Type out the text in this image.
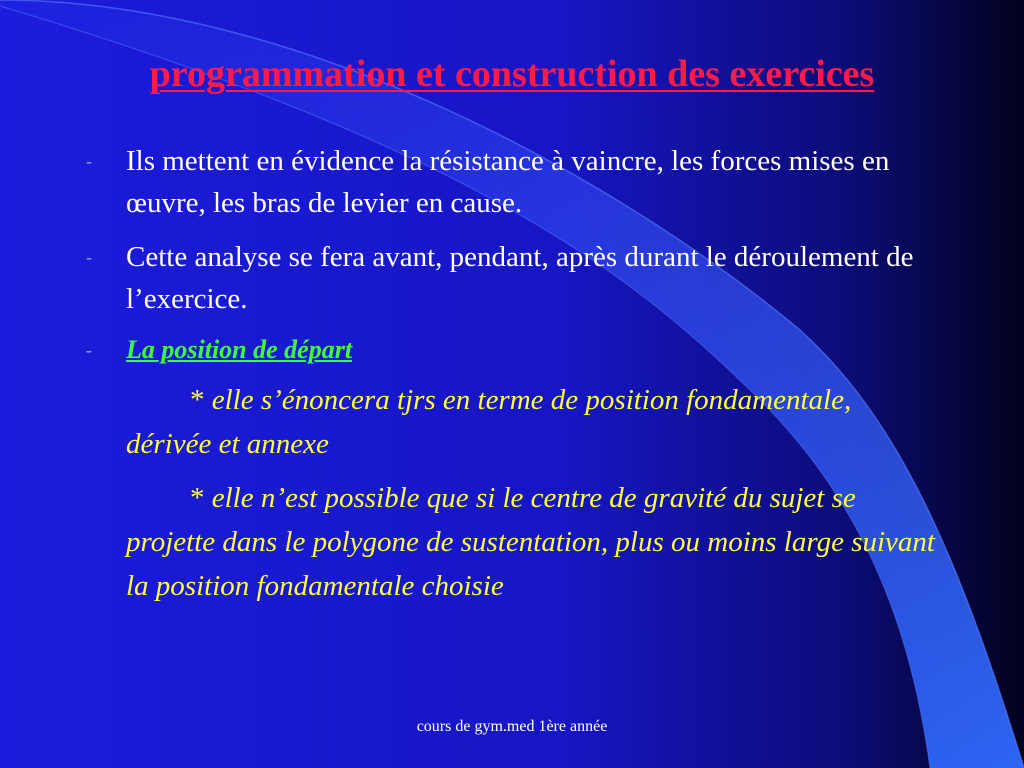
programmation et construction des exercices
- Ils mettent en évidence la résistance à vaincre, les forces mises en œuvre, les bras de levier en cause.
- Cette analyse se fera avant, pendant, après durant le déroulement de l’exercice.
- La position de départ
* elle s’énoncera tjrs en terme de position fondamentale, dérivée et annexe
* elle n’est possible que si le centre de gravité du sujet se projette dans le polygone de sustentation, plus ou moins large suivant la position fondamentale choisie
cours de gym.med 1ère année
